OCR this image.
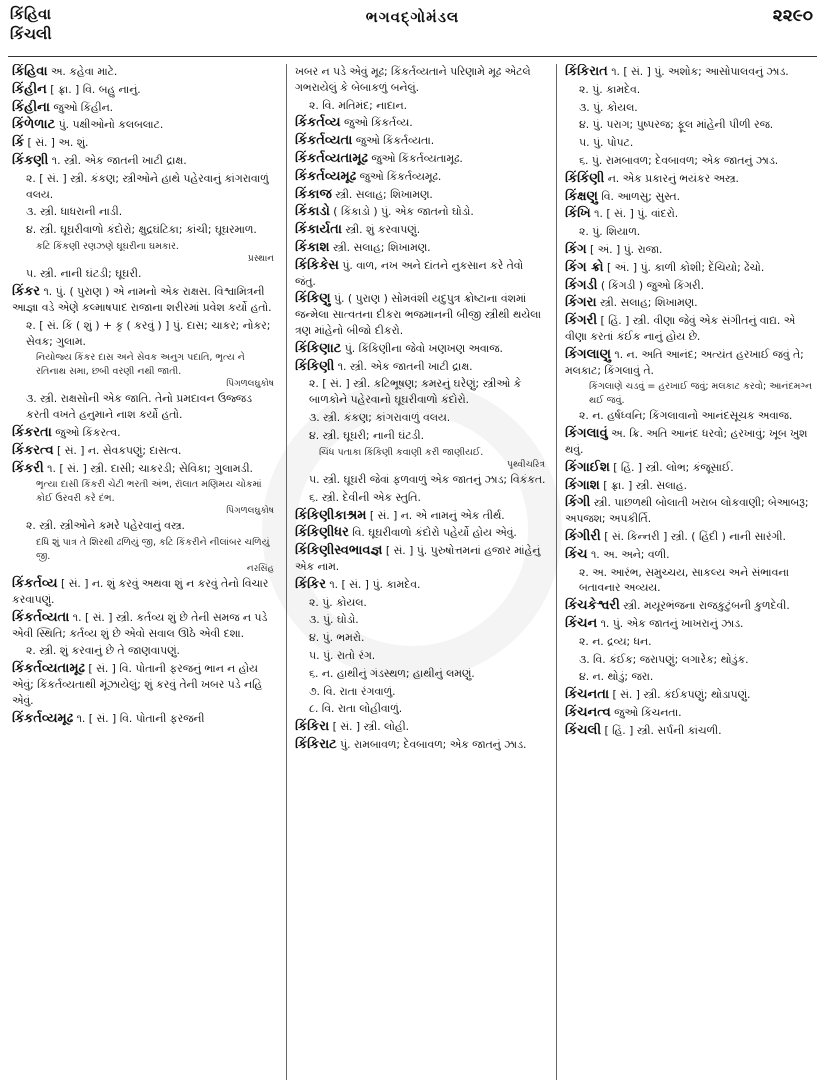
કિંહિવા
કિંચલી
ભગવદ્ગોમંડલ	૨૨૯૦
કિંહિવા અ. કહેવા માટે.
કિંહીન [ ફ્રા. ] વિ. બહુ નાનું.
કિંહીના જુઓ કિંહીન.
કિંળેળાટ પું. પક્ષીઓનો કલબલાટ.
કિં [ સં. ] અ. શું.
કિંકણી ૧. સ્ત્રી. એક જાતની ખાટી દ્રાક્ષ.
૨. [ સં. ] સ્ત્રી. કંકણ; સ્ત્રીઓને હાથે પહેરવાનું કાંગરાવાળું વલય.
૩. સ્ત્રી. ધાધરાની નાડી.
૪. સ્ત્રી. ઘૂઘરીવાળો કંદોરો; ક્ષુદ્રઘંટિકા; કાંચી; ઘૂઘરમાળ.
કટિ કિંકણી રણઝણે ઘૂઘરીના ઘમકાર.
પ્રસ્થાન
૫. સ્ત્રી. નાની ઘંટડી; ઘૂઘરી.
કિંકર ૧. પું. ( પુરાણ ) એ નામનો એક રાક્ષસ. વિશ્વામિત્રની આજ્ઞા વડે એણે કલ્માષપાદ રાજાના શરીરમાં પ્રવેશ કર્યો હતો.
૨. [ સં. કિં ( શું ) + કૃ ( કરવું ) ] પું. દાસ; ચાકર; નોકર; સેવક; ગુલામ.
નિયોજ્ય કિંકર દાસ અને સેવક અનુગ પદાતિ, ભૃત્ય ને રતિનાથ સમા, છબી વરણી નથી જાતી.
પિંગળલઘુકોષ
૩. સ્ત્રી. રાક્ષસોની એક જાતિ. તેનો પ્રમદાવન ઉજ્જડ કરતી વખતે હનુમાને નાશ કર્યો હતો.
કિંકરતા જુઓ કિંકરત્વ.
કિંકરત્વ [ સં. ] ન. સેવકપણું; દાસત્વ.
કિંકરી ૧. [ સં. ] સ્ત્રી. દાસી; ચાકરડી; સેવિકા; ગુલામડી.
ભૃત્યા દાસી કિંકરી ચેટી ભરતી અંભ, રૉલાત મણિમય ચોકમાં કોઈ ઉરવરી કરે દંભ.
પિંગળલઘુકોષ
૨. સ્ત્રી. સ્ત્રીઓને કમરે પહેરવાનું વસ્ત્ર.
દધિ શું પાત્ર તે શિરથી ઢળિયું જી, કટિ કિંકરીને નીલાંબર ચળિયું જી.
નરસિંહ
કિંકર્તવ્ય [ સં. ] ન. શું કરવું અથવા શું ન કરવું તેનો વિચાર કરવાપણું.
કિંકર્તવ્યતા ૧. [ સં. ] સ્ત્રી. કર્તવ્ય શું છે તેની સમજ ન પડે એવી સ્થિતિ; કર્તવ્ય શું છે એવો સવાલ ઊઠે એવી દશા.
૨. સ્ત્રી. શું કરવાનું છે તે જાણવાપણું.
કિંકર્તવ્યતામૂઢ [ સં. ] વિ. પોતાની ફરજનું ભાન ન હોય એવું; કિંકર્તવ્યતાથી મૂંઝાયેલું; શું કરવું તેની ખબર પડે નહિ એવું.
કિંકર્તવ્યમૂઢ ૧. [ સં. ] વિ. પોતાની ફરજની
ખબર ન પડે એવું મૂઢ; કિંકર્તવ્યતાને પરિણામે મૂઢ એટલે ગભરાયેલું કે બેબાકળું બનેલું.
૨. વિ. મતિમંદ; નાદાન.
કિંકર્તવ્ય જુઓ કિંકર્તવ્ય.
કિંકર્તવ્યતા જુઓ કિંકર્તવ્યતા.
કિંકર્તવ્યતામૂઢ જુઓ કિંકર્તવ્યતામૂઢ.
કિંકર્તવ્યમૂઢ જુઓ કિંકર્તવ્યમૂઢ.
કિંકાજ સ્ત્રી. સલાહ; શિખામણ.
કિંકાડો ( કિંકાડો ) પું. એક જાતનો ઘોડો.
કિંકાર્યતા સ્ત્રી. શું કરવાપણું.
કિંકાશ સ્ત્રી. સલાહ; શિખામણ.
કિંકિકેસ પું. વાળ, નખ અને દાંતને નુકસાન કરે તેવો જંતુ.
કિંકિણુ પું. ( પુરાણ ) સોમવંશી યદુપુત્ર ક્રોષ્ટાના વંશમાં જન્મેલા સાત્વતના દીકરા ભજમાનની બીજી સ્ત્રીથી થયેલા ત્રણ માંહેનો બીજો દીકરો.
કિંકિણાટ પું. કિંકિણીના જેવો ખણખણ અવાજ.
કિંકિણી ૧. સ્ત્રી. એક જાતની ખાટી દ્રાક્ષ.
૨. [ સં. ] સ્ત્રી. કટિભૂષણ; કમરનું ઘરેણું; સ્ત્રીઓ કે બાળકોને પહેરવાનો ઘૂઘરીવાળો કંદોરો.
૩. સ્ત્રી. કંકણ; કાંગરાવાળું વલય.
૪. સ્ત્રી. ઘૂઘરી; નાની ઘંટડી.
ચિંધ પતાકા કિંકિણી કવાણી કરી જાણીયઈ.
પૃથ્વીચરિત્ર
૫. સ્ત્રી. ઘૂઘરી જેવાં ફળવાળું એક જાતનું ઝાડ; વિકંકત.
૬. સ્ત્રી. દેવીની એક સ્તુતિ.
કિંકિણીકાશ્રમ [ સં. ] ન. એ નામનું એક તીર્થ.
કિંકિણીધર વિ. ઘૂઘરીવાળો કંદોરો પહેર્યો હોય એવું.
કિંકિણીસ્વભાવજ્ઞ [ સં. ] પું. પુરુષોત્તમનાં હજાર માંહેનું એક નામ.
કિંકિર ૧. [ સં. ] પું. કામદેવ.
૨. પું. કોયલ.
૩. પું. ઘોડો.
૪. પું. ભમરો.
૫. પું. રાતો રંગ.
૬. ન. હાથીનું ગંડસ્થળ; હાથીનું લમણું.
૭. વિ. રાતા રંગવાળું.
૮. વિ. રાતા લોહીવાળું.
કિંકિરા [ સં. ] સ્ત્રી. લોહી.
કિંકિરાટ પું. રામબાવળ; દેવબાવળ; એક જાતનું ઝાડ.
કિંકિરાત ૧. [ સં. ] પું. અશોક; આસોપાલવનું ઝાડ.
૨. પું. કામદેવ.
૩. પું. કોયલ.
૪. પું. પરાગ; પુષ્પરજ; ફૂલ માંહેની પીળી રજ.
૫. પું. પોપટ.
૬. પું. રામબાવળ; દેવબાવળ; એક જાતનું ઝાડ.
કિંકિંણી ન. એક પ્રકારનું ભયંકર અસ્ત્ર.
કિંક્ષણુ વિ. આળસુ; સુસ્ત.
કિંખિ ૧. [ સં. ] પું. વાંદરો.
૨. પું. શિયાળ.
કિંગ [ અં. ] પું. રાજા.
કિંગ ક્રો [ અં. ] પું. કાળી કોશી; દેંચિયો; ઢેંચો.
કિંગડી ( કિંગડી ) જુઓ કિંગરી.
કિંગરા સ્ત્રી. સલાહ; શિખામણ.
કિંગરી [ હિં. ] સ્ત્રી. વીણા જેવું એક સંગીતનું વાદ્ય. એ વીણા કરતાં કંઈક નાનું હોય છે.
કિંગલાણુ ૧. ન. અતિ આનંદ; અત્યંત હરખાઈ જવું તે; મલકાટ; કિંગલાવું તે.
કિંગલાણે ચડવું = હરખાઈ જવું; મલકાટ કરવો; આનંદમગ્ન થઈ જવું.
૨. ન. હર્ષધ્વનિ; કિંગલાવાનો આનંદસૂચક અવાજ.
કિંગલાવું અ. ક્રિ. અતિ આનંદ ધરવો; હરખાવું; ખૂબ ખુશ થવું.
કિંગાઈશ [ હિં. ] સ્ત્રી. લોભ; કંજૂસાઈ.
કિંગાશ [ ફ્રા. ] સ્ત્રી. સલાહ.
કિંગી સ્ત્રી. પાછળથી બોલાતી ખરાબ લોકવાણી; બેઆબરૂ; અપજશ; અપકીર્તિ.
કિંગીરી [ સં. કિન્નરી ] સ્ત્રી. ( હિંદી ) નાની સારંગી.
કિંચ ૧. અ. અને; વળી.
૨. અ. આરંભ, સમુચ્ચય, સાકલ્ય અને સંભાવના બતાવનાર અવ્યય.
કિંચકેશ્વરી સ્ત્રી. મયૂરભંજના રાજકુટુંબની કુળદેવી.
કિંચન ૧. પું. એક જાતનું ખાખરાનું ઝાડ.
૨. ન. દ્રવ્ય; ધન.
૩. વિ. કંઈક; જરાપણું; લગારેક; થોડુંક.
૪. ન. થોડું; જરા.
કિંચનતા [ સં. ] સ્ત્રી. કંઈકપણું; થોડાપણું.
કિંચનત્વ જુઓ કિંચનતા.
કિંચલી [ હિં. ] સ્ત્રી. સર્પની કાંચળી.
